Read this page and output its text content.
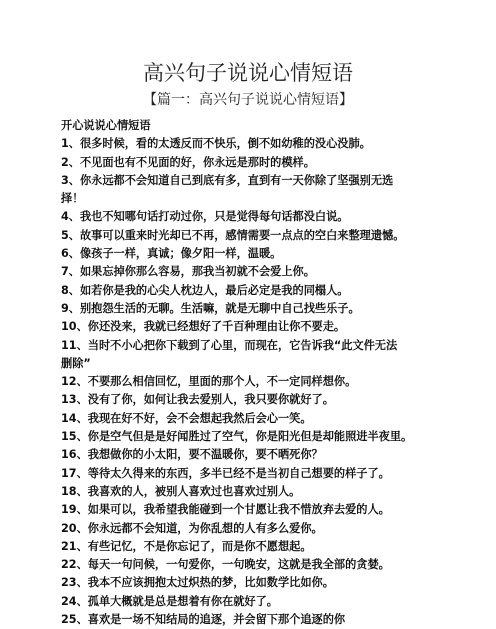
高兴句子说说心情短语
【篇一：高兴句子说说心情短语】
开心说说心情短语
1、很多时候，看的太透反而不快乐，倒不如幼稚的没心没肺。
2、不见面也有不见面的好，你永远是那时的模样。
3、你永远都不会知道自己到底有多，直到有一天你除了坚强别无选
择！
4、我也不知哪句话打动过你，只是觉得每句话都没白说。
5、故事可以重来时光却已不再，感情需要一点点的空白来整理遗憾。
6、像孩子一样，真诚；像夕阳一样，温暖。
7、如果忘掉你那么容易，那我当初就不会爱上你。
8、如若你是我的心尖人枕边人，最后必定是我的同榻人。
9、别抱怨生活的无聊。生活嘛，就是无聊中自己找些乐子。
10、你还没来，我就已经想好了千百种理由让你不要走。
11、当时不小心把你下载到了心里，而现在，它告诉我“此文件无法
删除”
12、不要那么相信回忆，里面的那个人，不一定同样想你。
13、没有了你，如何让我去爱别人，我只要你就好了。
14、我现在好不好，会不会想起我然后会心一笑。
15、你是空气但是是好闻胜过了空气，你是阳光但是却能照进半夜里。
16、我想做你的小太阳，要不温暖你，要不晒死你？
17、等待太久得来的东西，多半已经不是当初自己想要的样子了。
18、我喜欢的人，被别人喜欢过也喜欢过别人。
19、如果可以，我希望我能碰到一个甘愿让我不惜放弃去爱的人。
20、你永远都不会知道，为你乱想的人有多么爱你。
21、有些记忆，不是你忘记了，而是你不愿想起。
22、每天一句问候，一句爱你，一句晚安，这就是我全部的贪婪。
23、我本不应该拥抱太过炽热的梦，比如数学比如你。
24、孤单大概就是总是想着有你在就好了。
25、喜欢是一场不知结局的追逐，并会留下那个追逐的你
